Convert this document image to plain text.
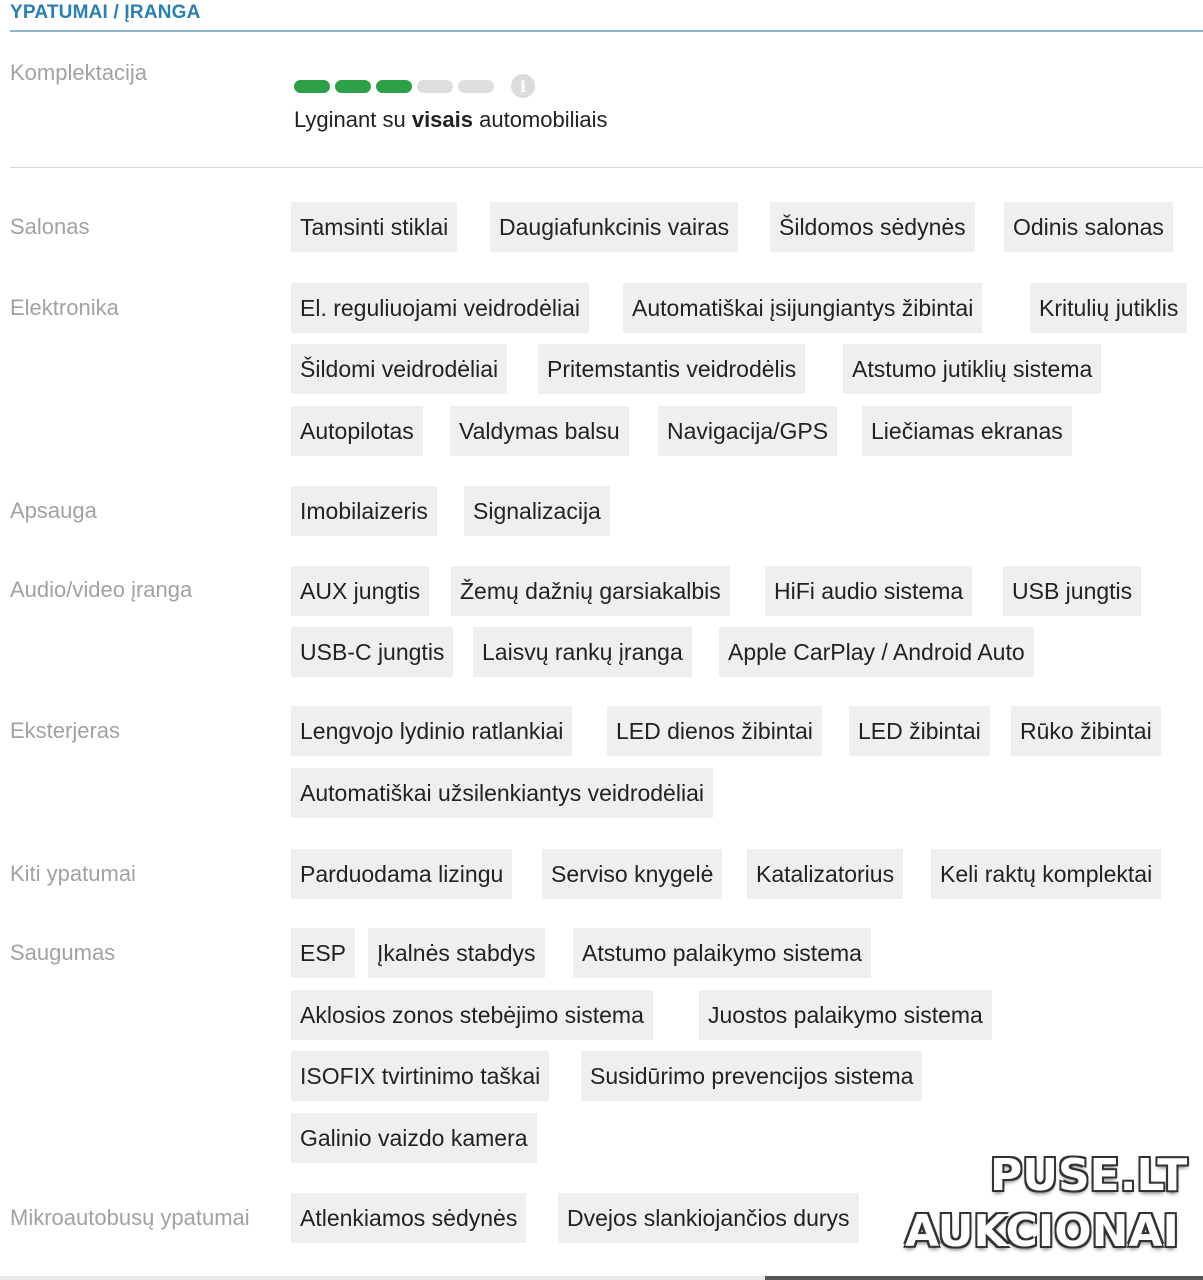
YPATUMAI / ĮRANGA
Komplektacija
i
Lyginant su visais automobiliais
Salonas	Tamsinti stiklai	Daugiafunkcinis vairas	Šildomos sėdynės	Odinis salonas
Elektronika	El. reguliuojami veidrodėliai	Automatiškai įsijungiantys žibintai	Kritulių jutiklis
Šildomi veidrodėliai	Pritemstantis veidrodėlis	Atstumo jutiklių sistema
Autopilotas	Valdymas balsu	Navigacija/GPS	Liečiamas ekranas
Apsauga	Imobilaizeris	Signalizacija
Audio/video įranga	AUX jungtis	Žemų dažnių garsiakalbis	HiFi audio sistema	USB jungtis
USB-C jungtis	Laisvų rankų įranga	Apple CarPlay / Android Auto
Eksterjeras	Lengvojo lydinio ratlankiai	LED dienos žibintai	LED žibintai	Rūko žibintai
Automatiškai užsilenkiantys veidrodėliai
Kiti ypatumai	Parduodama lizingu	Serviso knygelė	Katalizatorius	Keli raktų komplektai
Saugumas	ESP	Įkalnės stabdys	Atstumo palaikymo sistema
Aklosios zonos stebėjimo sistema	Juostos palaikymo sistema
ISOFIX tvirtinimo taškai	Susidūrimo prevencijos sistema
Galinio vaizdo kamera
Mikroautobusų ypatumai	Atlenkiamos sėdynės	Dvejos slankiojančios durys
PUSE.LT
AUKCIONAI
